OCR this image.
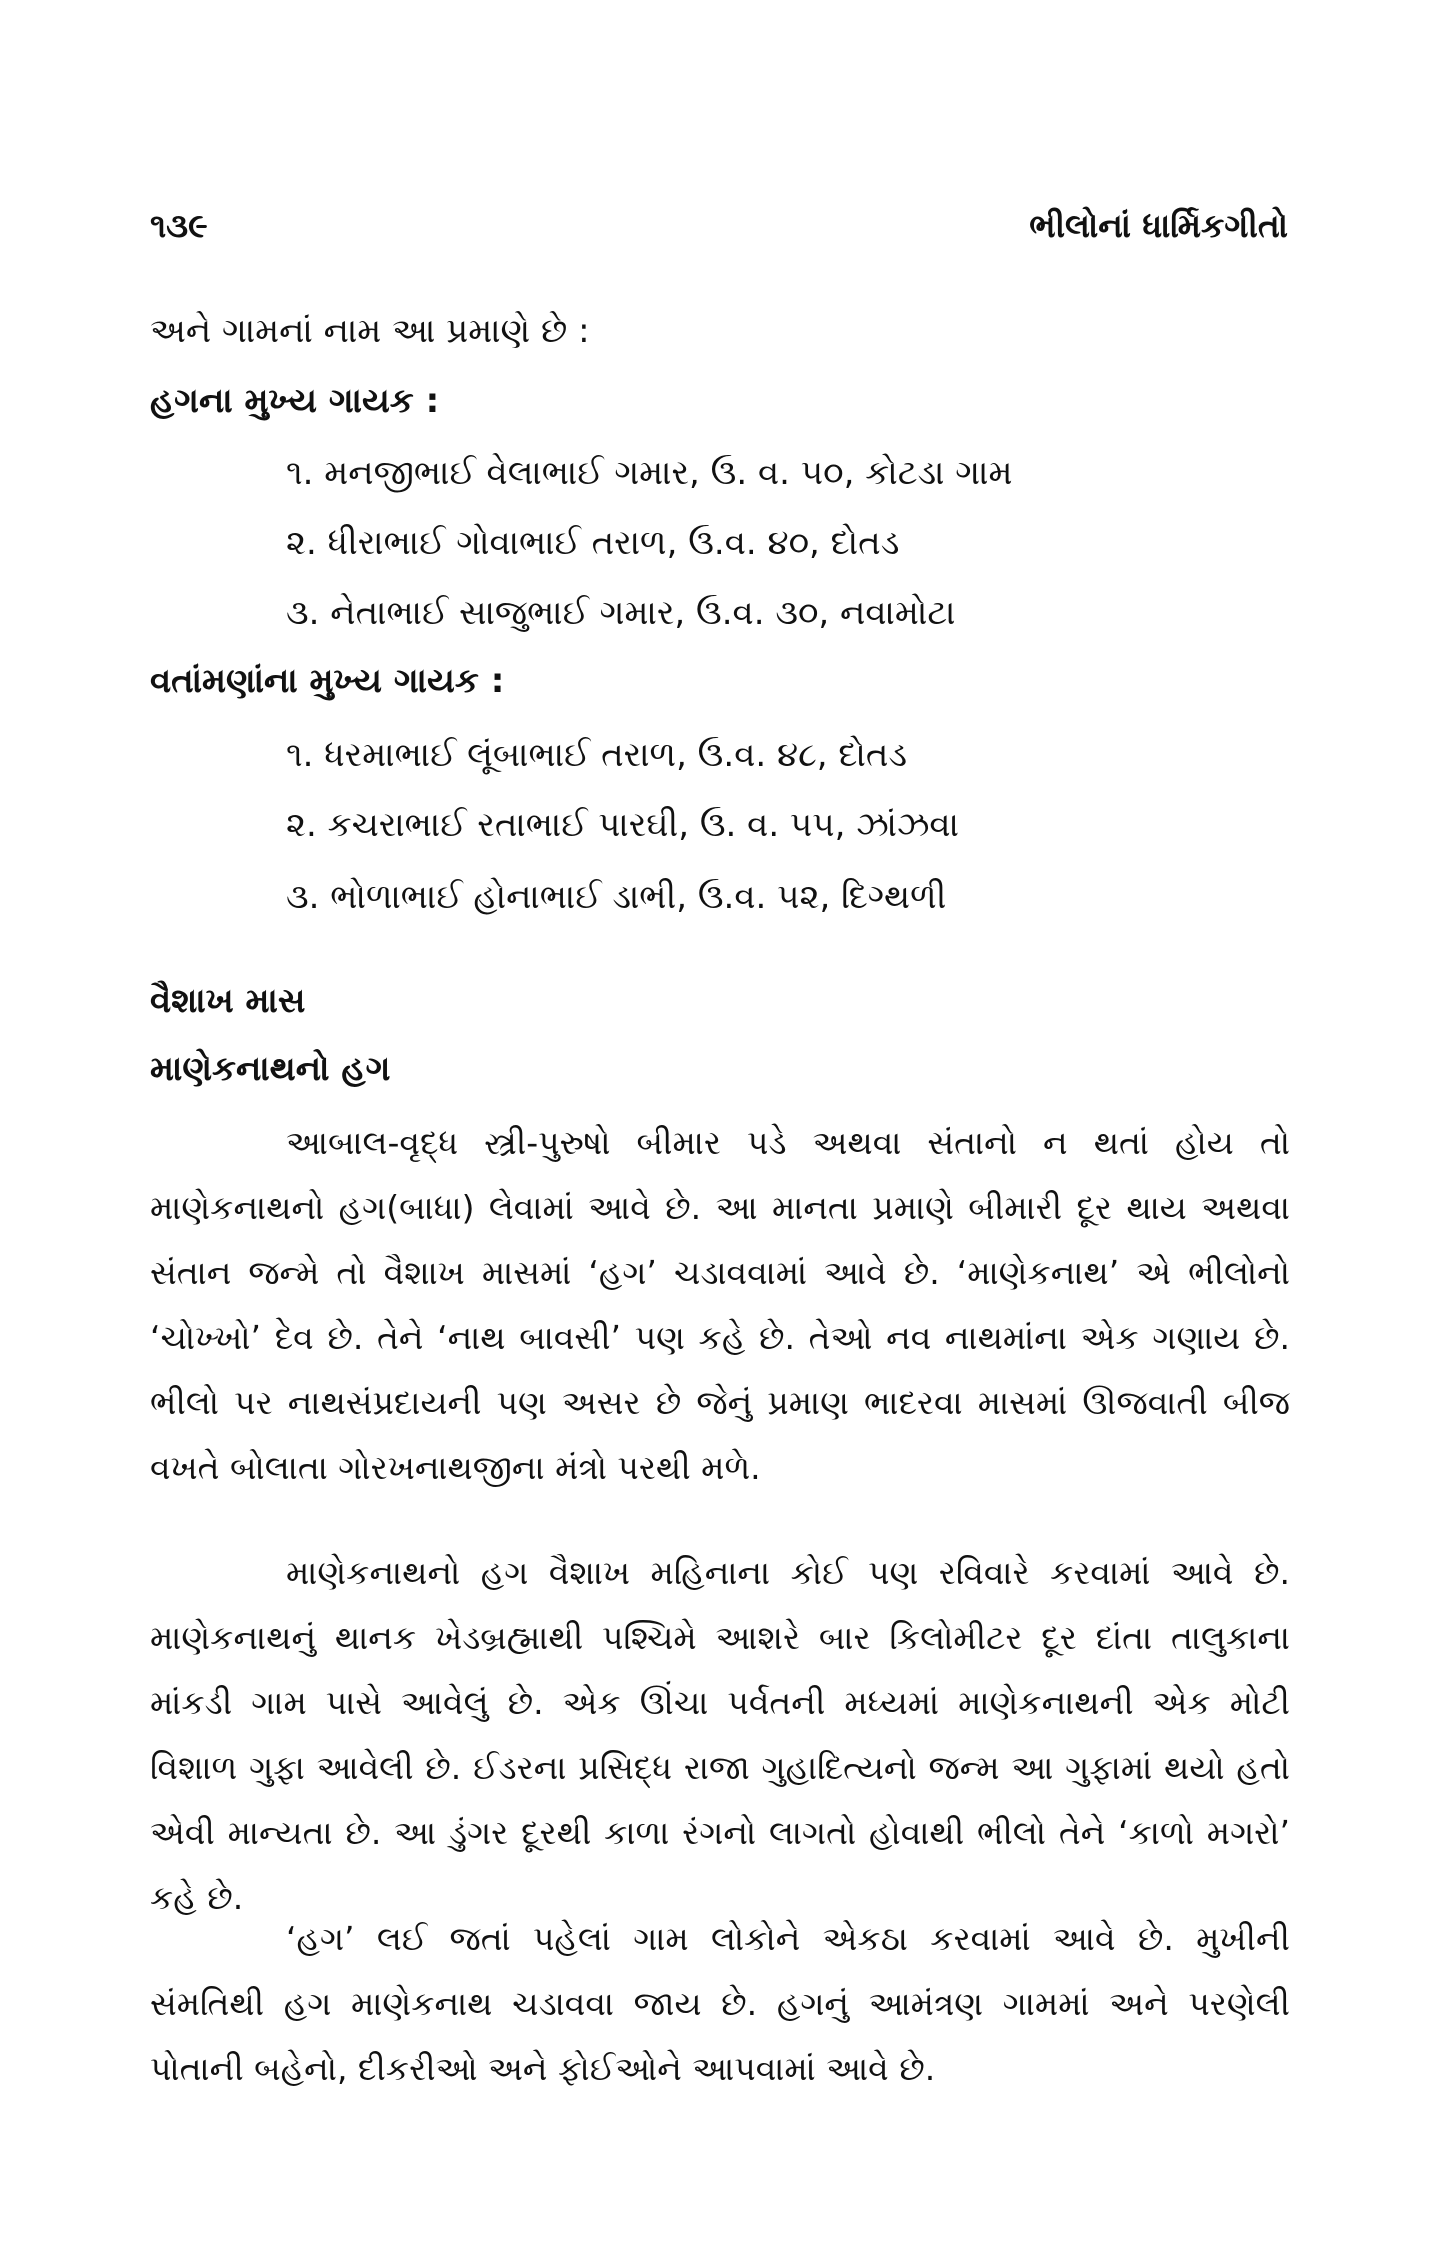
૧૩૯	ભીલોનાં ધાર્મિકગીતો
અને ગામનાં નામ આ પ્રમાણે છે :
હગના મુખ્ય ગાયક :
૧. મનજીભાઈ વેલાભાઈ ગમાર, ઉ. વ. ૫૦, કોટડા ગામ
૨. ધીરાભાઈ ગોવાભાઈ તરાળ, ઉ.વ. ૪૦, દોતડ
૩. નેતાભાઈ સાજુભાઈ ગમાર, ઉ.વ. ૩૦, નવામોટા
વતાંમણાંના મુખ્ય ગાયક :
૧. ધરમાભાઈ લૂંબાભાઈ તરાળ, ઉ.વ. ૪૮, દોતડ
૨. કચરાભાઈ રતાભાઈ પારઘી, ઉ. વ. ૫૫, ઝાંઝવા
૩. ભોળાભાઈ હોનાભાઈ ડાભી, ઉ.વ. ૫૨, દિગ્થળી
વૈશાખ માસ
માણેકનાથનો હગ

આબાલ-વૃદ્ધ સ્ત્રી-પુરુષો બીમાર પડે અથવા સંતાનો ન થતાં હોય તો માણેકનાથનો હગ(બાધા) લેવામાં આવે છે. આ માનતા પ્રમાણે બીમારી દૂર થાય અથવા સંતાન જન્મે તો વૈશાખ માસમાં ‘હગ’ ચડાવવામાં આવે છે. ‘માણેકનાથ’ એ ભીલોનો ‘ચોખ્ખો’ દેવ છે. તેને ‘નાથ બાવસી’ પણ કહે છે. તેઓ નવ નાથમાંના એક ગણાય છે. ભીલો પર નાથસંપ્રદાયની પણ અસર છે જેનું પ્રમાણ ભાદરવા માસમાં ઊજવાતી બીજ વખતે બોલાતા ગોરખનાથજીના મંત્રો પરથી મળે.

માણેકનાથનો હગ વૈશાખ મહિનાના કોઈ પણ રવિવારે કરવામાં આવે છે. માણેકનાથનું થાનક ખેડબ્રહ્માથી પશ્ચિમે આશરે બાર કિલોમીટર દૂર દાંતા તાલુકાના માંકડી ગામ પાસે આવેલું છે. એક ઊંચા પર્વતની મધ્યમાં માણેકનાથની એક મોટી વિશાળ ગુફા આવેલી છે. ઈડરના પ્રસિદ્ધ રાજા ગુહાદિત્યનો જન્મ આ ગુફામાં થયો હતો એવી માન્યતા છે. આ ડુંગર દૂરથી કાળા રંગનો લાગતો હોવાથી ભીલો તેને ‘કાળો મગરો’ કહે છે.

‘હગ’ લઈ જતાં પહેલાં ગામ લોકોને એકઠા કરવામાં આવે છે. મુખીની સંમતિથી હગ માણેકનાથ ચડાવવા જાય છે. હગનું આમંત્રણ ગામમાં અને પરણેલી પોતાની બહેનો, દીકરીઓ અને ફોઈઓને આપવામાં આવે છે.
